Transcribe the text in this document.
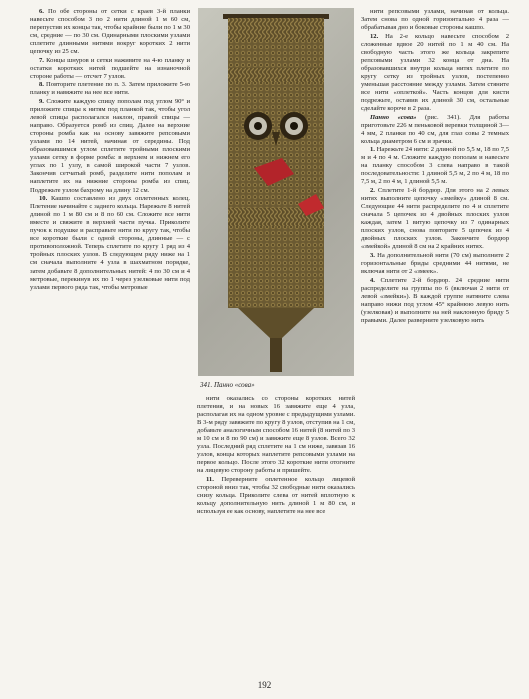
6. По обе стороны от сетки с краев 3-й планки навесьте способом 3 по 2 нити длиной 1 м 60 см, перепустив их концы так, чтобы крайние были по 1 м 30 см, средние — по 30 см. Одинарными плоскими узлами сплетите длинными нитями вокруг коротких 2 нити цепочку из 25 см.

7. Концы шнуров и сетки наживите на 4-ю планку и остатки коротких нитей подшейте на изнаночной стороне работы — отсчет 7 узлов.

8. Повторите плетение по п. 3. Затем приложите 5-ю планку и навяжите на нее все нити.

9. Сложите каждую спицу пополам под углом 90° и приложите спицы к нитям под планкой так, чтобы угол левой спицы располагался наклон, правой спицы — направо. Образуется ромб из спиц. Далее на верхние стороны ромба как на основу завяжите репсовыми узлами по 14 нитей, начиная от середины. Под образовавшимся углом сплетите тройными плоскими узлами сетку в форме ромба: в верхнем и нижнем его углах по 1 узлу, в самой широкой части 7 узлов. Закончив сетчатый ромб, разделите нити пополам и наплетите их на нижние стороны ромба из спиц. Подрежьте узлом бахрому на длину 12 см.

10. Кашпо составлено из двух оплетенных колец. Плетение начинайте с заднего кольца. Нарежьте 8 нитей длиной по 1 м 80 см и 8 по 60 см. Сложите все нити вместе и свяжите в верхней части пучка. Приколите пучок к подушке и расправьте нити по кругу так, чтобы все короткие были с одной стороны, длинные — с противоположной. Теперь сплетите по кругу 1 ряд из 4 тройных плоских узлов. В следующем ряду ниже на 1 см сначала выполните 4 узла в шахматном порядке, затем добавьте 8 дополнительных нитей: 4 по 30 см и 4 метровые, перекинув их по 1 через узелковые нити под узлами первого ряда так, чтобы метровые

341. Панно «сова»

нити оказались со стороны коротких нитей плетения, и на новых 16 завяжите еще 4 узла, располагая их на одном уровне с предыдущими узлами. В 3-м ряду завяжите по кругу 8 узлов, отступив на 1 см, добавьте аналогичным способом 16 нитей (8 нитей по 3 м 10 см и 8 по 90 см) и завяжите еще 8 узлов. Всего 32 узла. Последний ряд сплетите на 1 см ниже, завязав 16 узлов, концы которых наплетите репсовыми узлами на первое кольцо. После этого 32 короткие нити отогните на лицевую сторону работы и пришейте.

11. Переверните оплетенное кольцо лицевой стороной вниз так, чтобы 32 свободные нити оказались снизу кольца. Приколите слева от нитей вплотную к кольцу дополнительную нить длиной 1 м 80 см, и используя ее как основу, наплетите на нее все

нити репсовыми узлами, начиная от кольца. Затем снова по одной горизонтально 4 раза — обрабатывая дно и боковые стороны кашпо.

12. На 2-е кольцо навесьте способом 2 сложенные вдвое 20 нитей по 1 м 40 см. На свободную часть этого же кольца закрепите репсовыми узлами 32 конца от дна. На образовавшихся внутри кольца нитях плетите по кругу сетку из тройных узлов, постепенно уменьшая расстояние между узлами. Затем стяните все нити «оплеткой». Часть концов для кисти подрежьте, оставив их длиной 30 см, остальные сделайте короче в 2 раза.

Панно «сова» (рис. 341). Для работы приготовьте 226 м пеньковой веревки толщиной 3—4 мм, 2 планки по 40 см, для глаз совы 2 темных кольца диаметром 6 см и зрачки.

1. Нарежьте 24 нити: 2 длиной по 5,5 м, 18 по 7,5 м и 4 по 4 м. Сложите каждую пополам и навесьте на планку способом 3 слева направо в такой последовательности: 1 длиной 5,5 м, 2 по 4 м, 18 по 7,5 м, 2 по 4 м, 1 длиной 5,5 м.

2. Сплетите 1-й бордюр. Для этого на 2 левых нитях выполните цепочку «змейку» длиной 8 см. Следующие 44 нити распределите по 4 и сплетите сначала 5 цепочек из 4 двойных плоских узлов каждая, затем 1 витую цепочку из 7 одинарных плоских узлов, снова повторите 5 цепочек из 4 двойных плоских узлов. Закончите бордюр «змейкой» длиной 8 см на 2 крайних нитях.

3. На дополнительной нити (70 см) выполните 2 горизонтальные бриды средними 44 нитями, не включая нити от 2 «змеек».

4. Сплетите 2-й бордюр. 24 средние нити распределите на группы по 6 (включая 2 нити от левой «змейки»). В каждой группе натяните слева направо нижи под углом 45° крайнюю левую нить (узелковая) и выполните на ней наклонную бриду 5 правыми. Далее разверните узелковую нить

192
